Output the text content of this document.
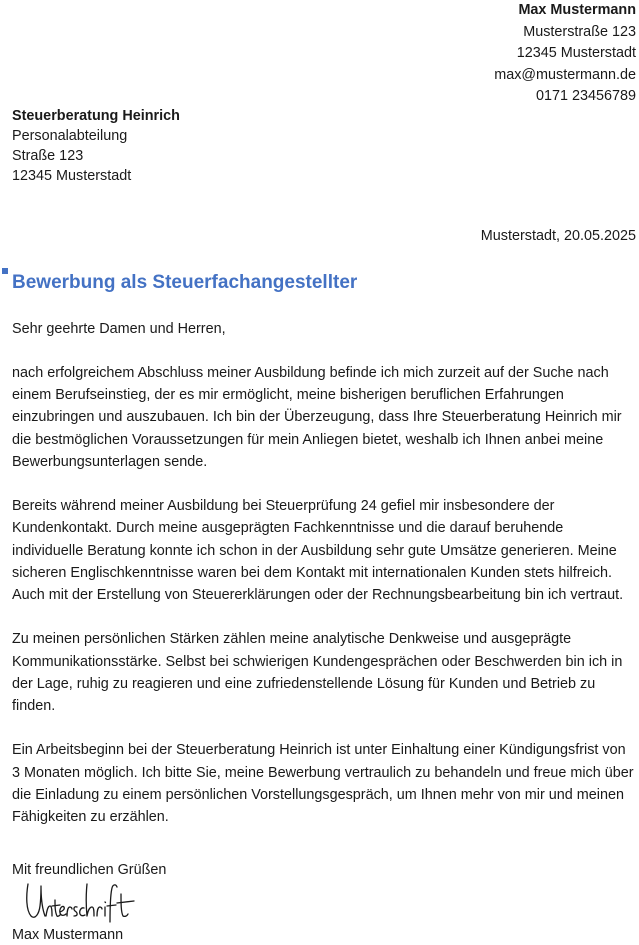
Max Mustermann
Musterstraße 123
12345 Musterstadt
max@mustermann.de
0171 23456789
Steuerberatung Heinrich
Personalabteilung
Straße 123
12345 Musterstadt
Musterstadt, 20.05.2025
Bewerbung als Steuerfachangestellter
Sehr geehrte Damen und Herren,

nach erfolgreichem Abschluss meiner Ausbildung befinde ich mich zurzeit auf der Suche nach einem Berufseinstieg, der es mir ermöglicht, meine bisherigen beruflichen Erfahrungen einzubringen und auszubauen. Ich bin der Überzeugung, dass Ihre Steuerberatung Heinrich mir die bestmöglichen Voraussetzungen für mein Anliegen bietet, weshalb ich Ihnen anbei meine Bewerbungsunterlagen sende.

Bereits während meiner Ausbildung bei Steuerprüfung 24 gefiel mir insbesondere der Kundenkontakt. Durch meine ausgeprägten Fachkenntnisse und die darauf beruhende individuelle Beratung konnte ich schon in der Ausbildung sehr gute Umsätze generieren. Meine sicheren Englischkenntnisse waren bei dem Kontakt mit internationalen Kunden stets hilfreich. Auch mit der Erstellung von Steuererklärungen oder der Rechnungsbearbeitung bin ich vertraut.

Zu meinen persönlichen Stärken zählen meine analytische Denkweise und ausgeprägte Kommunikationsstärke. Selbst bei schwierigen Kundengesprächen oder Beschwerden bin ich in der Lage, ruhig zu reagieren und eine zufriedenstellende Lösung für Kunden und Betrieb zu finden.

Ein Arbeitsbeginn bei der Steuerberatung Heinrich ist unter Einhaltung einer Kündigungsfrist von 3 Monaten möglich. Ich bitte Sie, meine Bewerbung vertraulich zu behandeln und freue mich über die Einladung zu einem persönlichen Vorstellungsgespräch, um Ihnen mehr von mir und meinen Fähigkeiten zu erzählen.

Mit freundlichen Grüßen
Max Mustermann
